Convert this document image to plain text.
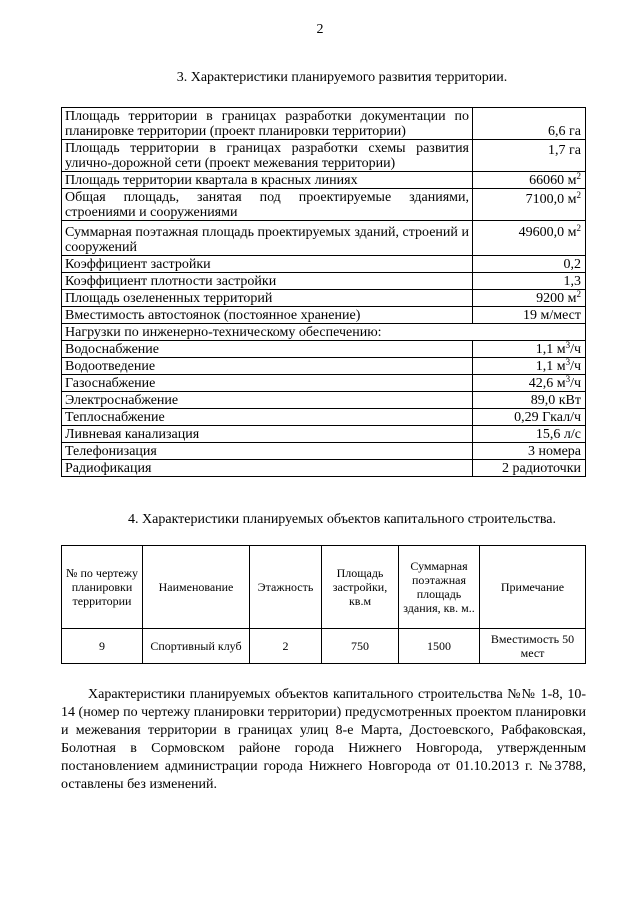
2
3. Характеристики планируемого развития территории.
Площадь территории в границах разработки документации по планировке территории (проект планировки территории)	6,6 га
Площадь территории в границах разработки схемы развития улично-дорожной сети (проект межевания территории)	1,7 га
Площадь территории квартала в красных линиях	66060 $м^2$
Общая площадь, занятая под проектируемые зданиями, строениями и сооружениями	7100,0 $м^2$
Суммарная поэтажная площадь проектируемых зданий, строений и сооружений	49600,0 $м^2$
Коэффициент застройки	0,2
Коэффициент плотности застройки	1,3
Площадь озелененных территорий	9200 $м^2$
Вместимость автостоянок (постоянное хранение)	19 м/мест
Нагрузки по инженерно-техническому обеспечению:	
Водоснабжение	1,1 $м^3/ч$
Водоотведение	1,1 $м^3/ч$
Газоснабжение	42,6 $м^3/ч$
Электроснабжение	89,0 кВт
Теплоснабжение	0,29 Гкал/ч
Ливневая канализация	15,6 л/с
Телефонизация	3 номера
Радиофикация	2 радиоточки
4. Характеристики планируемых объектов капитального строительства.
№ по чертежу планировки территории	Наименование	Этажность	Площадь застройки, кв.м	Суммарная поэтажная площадь здания, кв. м..	Примечание
9	Спортивный клуб	2	750	1500	Вместимость 50 мест
Характеристики планируемых объектов капитального строительства №№ 1-8, 10-14 (номер по чертежу планировки территории) предусмотренных проектом планировки и межевания территории в границах улиц 8-е Марта, Достоевского, Рабфаковская, Болотная в Сормовском районе города Нижнего Новгорода, утвержденным постановлением администрации города Нижнего Новгорода от 01.10.2013 г. №3788, оставлены без изменений.
